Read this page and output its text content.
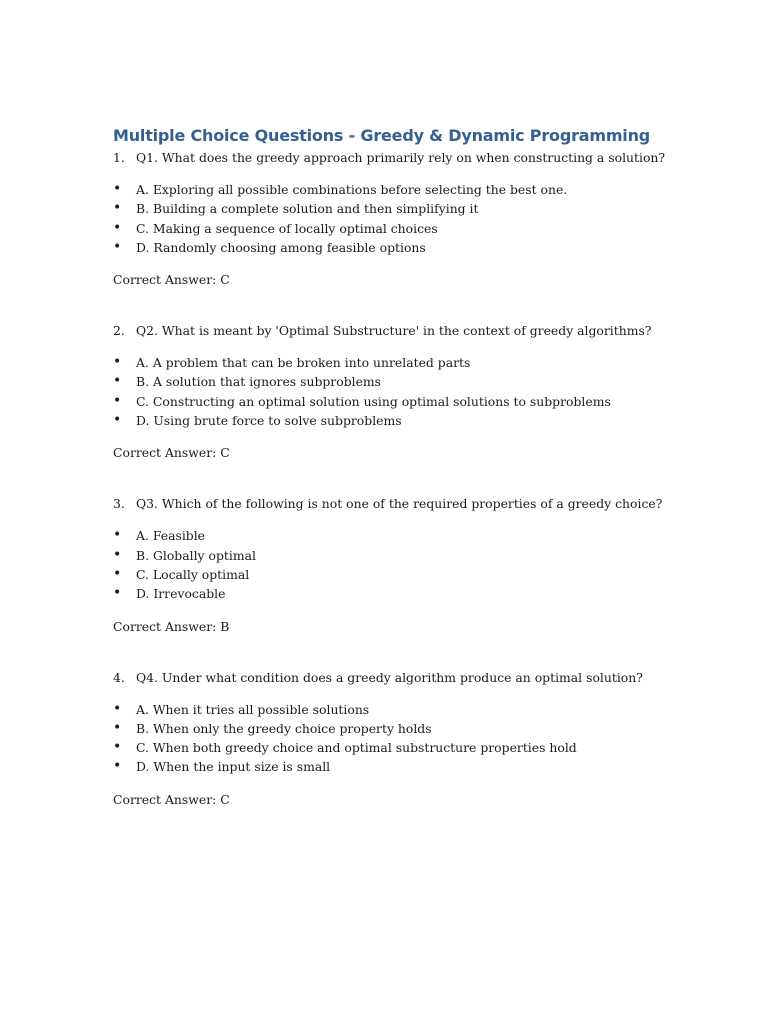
Multiple Choice Questions - Greedy & Dynamic Programming
1. Q1. What does the greedy approach primarily rely on when constructing a solution?
•	A. Exploring all possible combinations before selecting the best one.
•	B. Building a complete solution and then simplifying it
•	C. Making a sequence of locally optimal choices
•	D. Randomly choosing among feasible options
Correct Answer: C
2. Q2. What is meant by 'Optimal Substructure' in the context of greedy algorithms?
•	A. A problem that can be broken into unrelated parts
•	B. A solution that ignores subproblems
•	C. Constructing an optimal solution using optimal solutions to subproblems
•	D. Using brute force to solve subproblems
Correct Answer: C
3. Q3. Which of the following is not one of the required properties of a greedy choice?
•	A. Feasible
•	B. Globally optimal
•	C. Locally optimal
•	D. Irrevocable
Correct Answer: B
4. Q4. Under what condition does a greedy algorithm produce an optimal solution?
•	A. When it tries all possible solutions
•	B. When only the greedy choice property holds
•	C. When both greedy choice and optimal substructure properties hold
•	D. When the input size is small
Correct Answer: C
